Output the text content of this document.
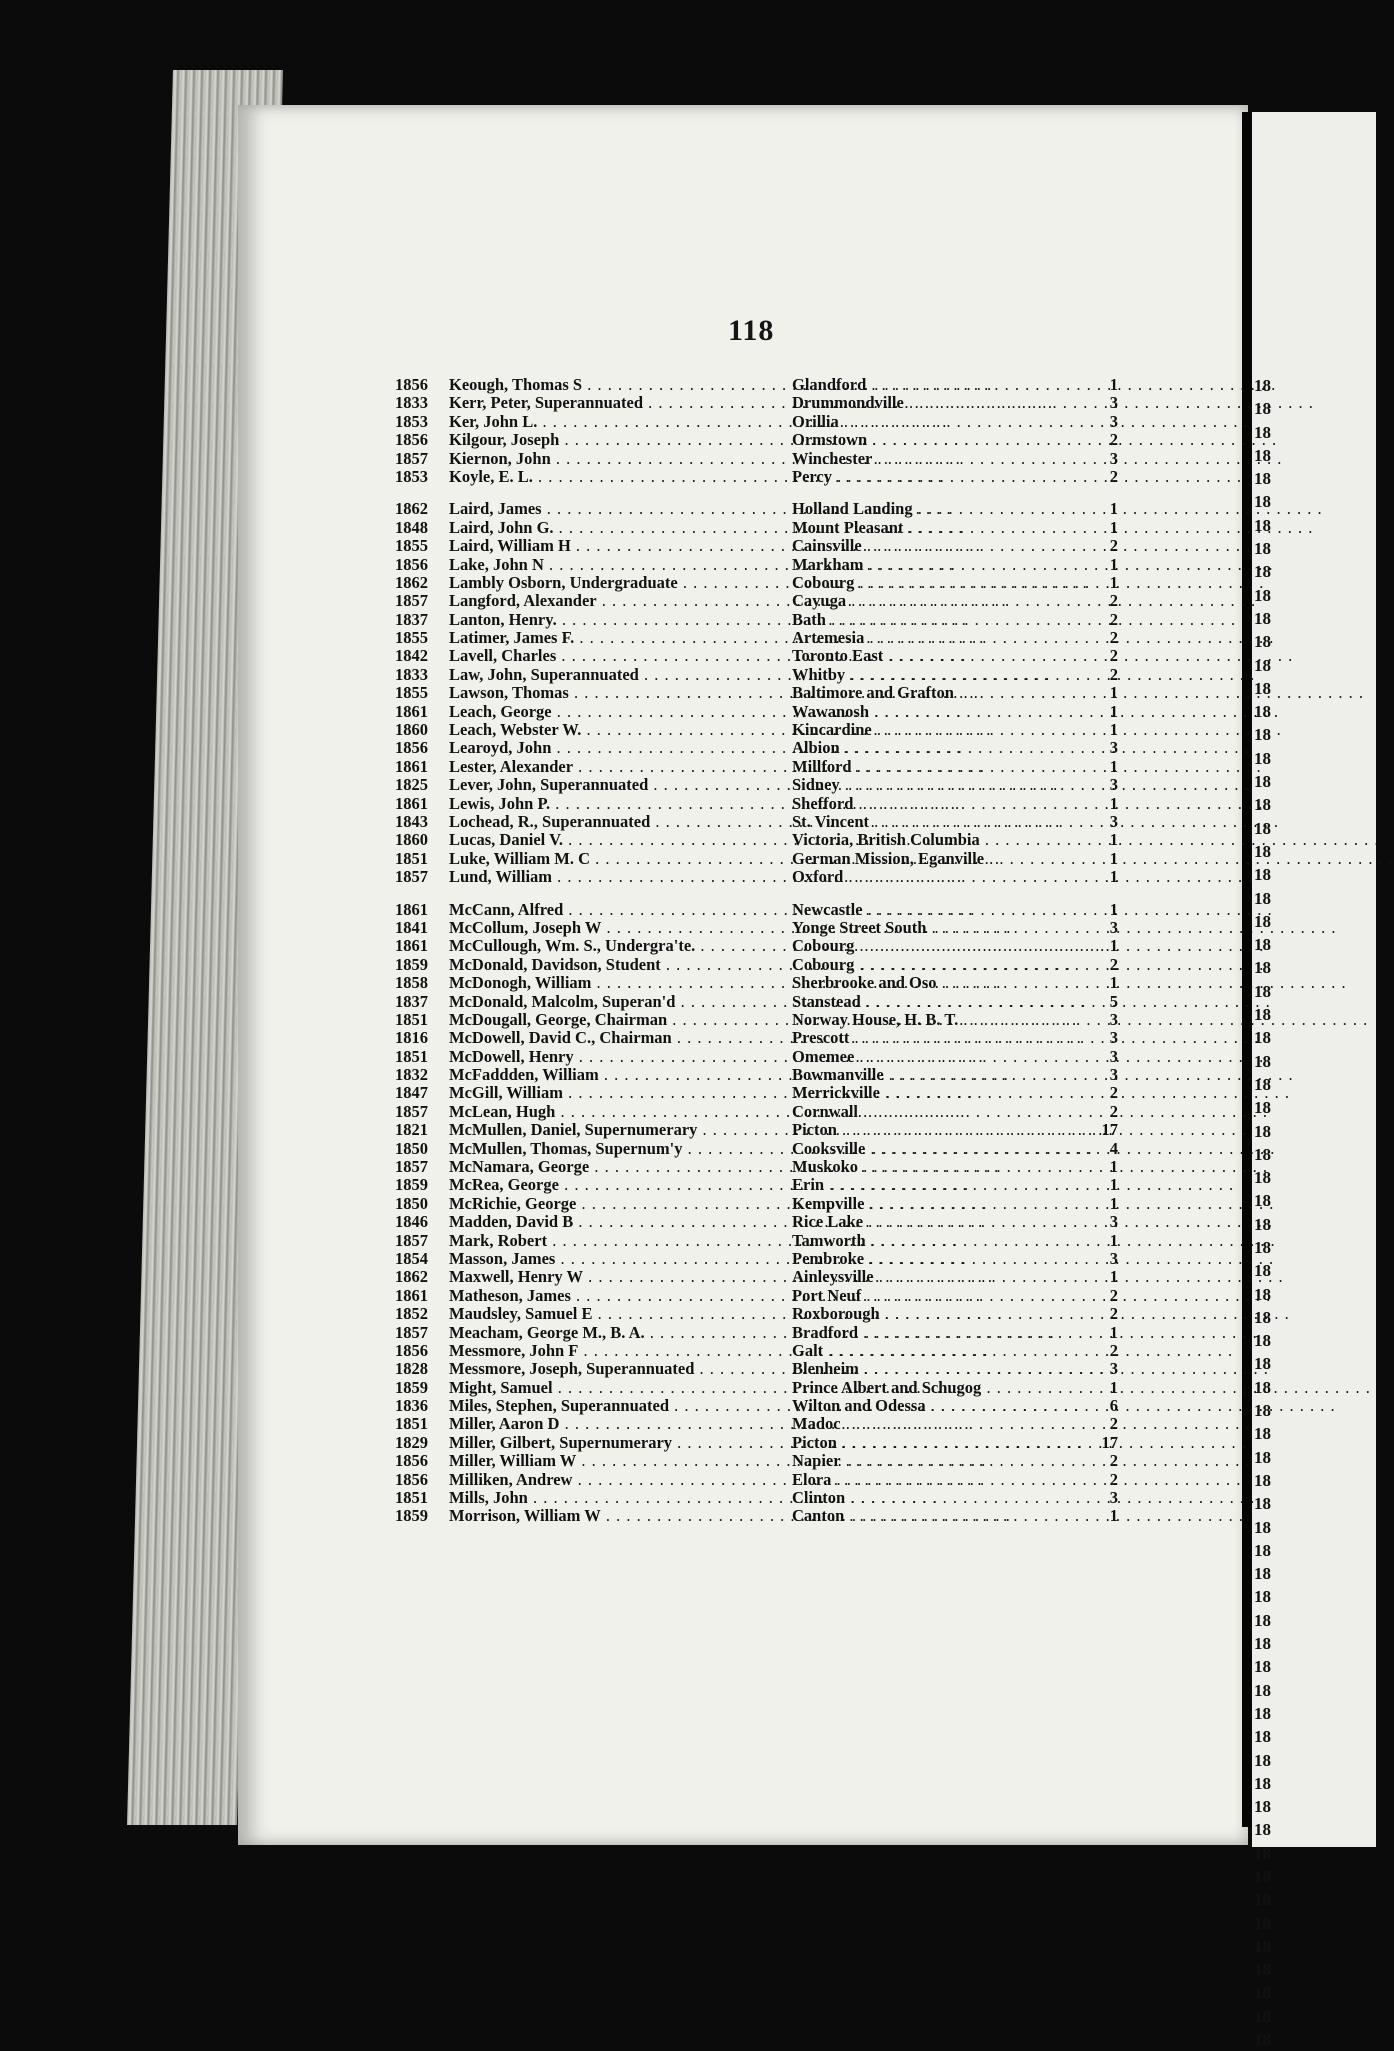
18
18
18
18
18
18
18
18
18
18
18
18
18
18
18
18
18
18
18
18
18
18
18
18
18
18
18
18
18
18
18
18
18
18
18
18
18
18
18
18
18
18
18
18
18
18
18
18
18
18
18
18
18
18
18
18
18
18
18
18
18
18
18
18
18
18
18
18
18
18
18
18
118
1856	Keough, Thomas S . . .	Glandford . . .	1
1833	Kerr, Peter, Superannuated . . .	Drummondville . . .	3
1853	Ker, John L. . . .	Orillia . . .	3
1856	Kilgour, Joseph . . .	Ormstown . . .	2
1857	Kiernon, John . . .	Winchester . . .	3
1853	Koyle, E. L. . . .	Percy . . .	2
1862	Laird, James . . .	Holland Landing . . .	1
1848	Laird, John G. . . .	Mount Pleasant . . .	1
1855	Laird, William H . . .	Cainsville . . .	2
1856	Lake, John N . . .	Markham . . .	1
1862	Lambly Osborn, Undergraduate . . .	Cobourg . . .	1
1857	Langford, Alexander . . .	Cayuga . . .	2
1837	Lanton, Henry. . . .	Bath . . .	2
1855	Latimer, James F. . . .	Artemesia . . .	2
1842	Lavell, Charles . . .	Toronto East . . .	2
1833	Law, John, Superannuated . . .	Whitby . . .	2
1855	Lawson, Thomas . . .	Baltimore and Grafton . . .	1
1861	Leach, George . . .	Wawanosh . . .	1
1860	Leach, Webster W. . . .	Kincardine . . .	1
1856	Learoyd, John . . .	Albion . . .	3
1861	Lester, Alexander . . .	Millford . . .	1
1825	Lever, John, Superannuated . . .	Sidney . . .	3
1861	Lewis, John P. . . .	Shefford . . .	1
1843	Lochead, R., Superannuated . . .	St. Vincent . . .	3
1860	Lucas, Daniel V. . . .	Victoria, British Columbia . . .	1
1851	Luke, William M. C . . .	German Mission, Eganville . . .	1
1857	Lund, William . . .	Oxford . . .	1
1861	McCann, Alfred . . .	Newcastle . . .	1
1841	McCollum, Joseph W . . .	Yonge Street South . . .	3
1861	McCullough, Wm. S., Undergra'te. . . .	Cobourg . . .	1
1859	McDonald, Davidson, Student . . .	Cobourg . . .	2
1858	McDonogh, William . . .	Sherbrooke and Oso . . .	1
1837	McDonald, Malcolm, Superan'd . . .	Stanstead . . .	5
1851	McDougall, George, Chairman . . .	Norway House, H. B. T. . . .	3
1816	McDowell, David C., Chairman . . .	Prescott . . .	3
1851	McDowell, Henry . . .	Omemee . . .	3
1832	McFaddden, William . . .	Bowmanville . . .	3
1847	McGill, William . . .	Merrickville . . .	2
1857	McLean, Hugh . . .	Cornwall . . .	2
1821	McMullen, Daniel, Supernumerary . . .	Picton . . .	17
1850	McMullen, Thomas, Supernum'y . . .	Cooksville . . .	4
1857	McNamara, George . . .	Muskoko . . .	1
1859	McRea, George . . .	Erin . . .	1
1850	McRichie, George . . .	Kempville . . .	1
1846	Madden, David B . . .	Rice Lake . . .	3
1857	Mark, Robert . . .	Tamworth . . .	1
1854	Masson, James . . .	Pembroke . . .	3
1862	Maxwell, Henry W . . .	Ainleysville . . .	1
1861	Matheson, James . . .	Port Neuf . . .	2
1852	Maudsley, Samuel E . . .	Roxborough . . .	2
1857	Meacham, George M., B. A. . . .	Bradford . . .	1
1856	Messmore, John F . . .	Galt . . .	2
1828	Messmore, Joseph, Superannuated . . .	Blenheim . . .	3
1859	Might, Samuel . . .	Prince Albert and Schugog . . .	1
1836	Miles, Stephen, Superannuated . . .	Wilton and Odessa . . .	6
1851	Miller, Aaron D . . .	Madoc . . .	2
1829	Miller, Gilbert, Supernumerary . . .	Picton . . .	17
1856	Miller, William W . . .	Napier . . .	2
1856	Milliken, Andrew . . .	Elora . . .	2
1851	Mills, John . . .	Clinton . . .	3
1859	Morrison, William W . . .	Canton . . .	1
